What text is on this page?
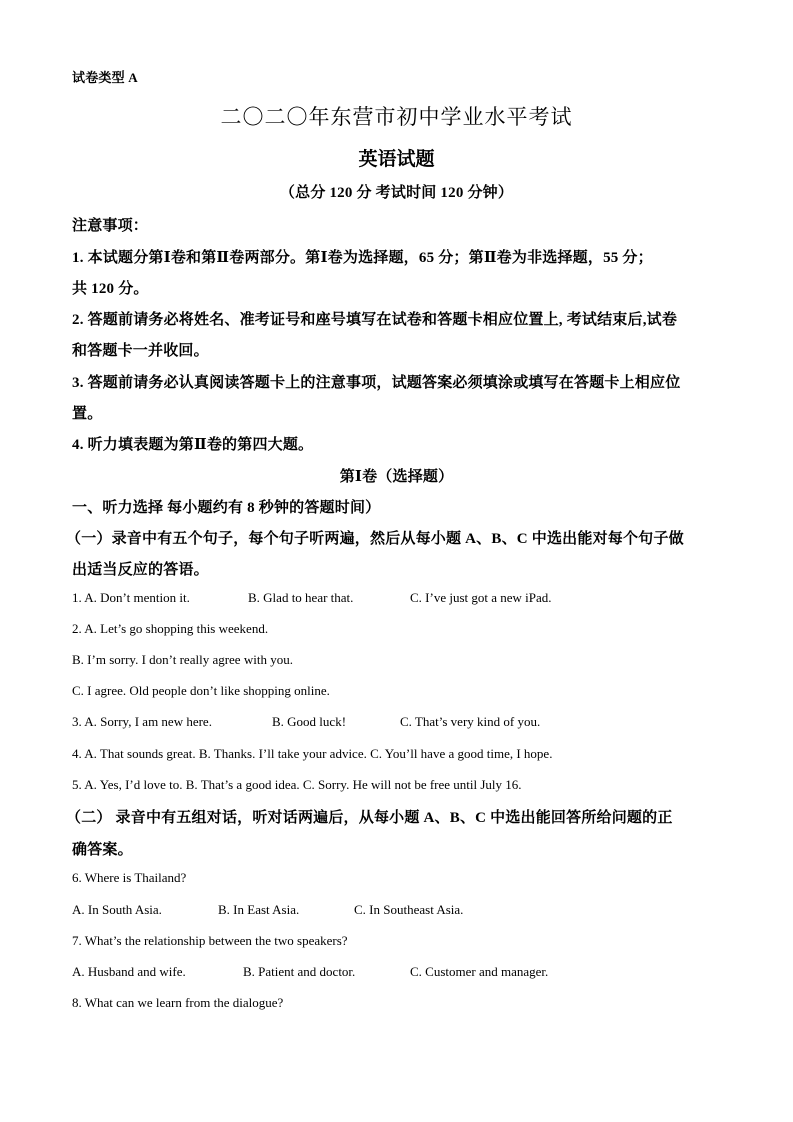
试卷类型 A
二〇二〇年东营市初中学业水平考试
英语试题
（总分 120 分 考试时间 120 分钟）
注意事项：
1. 本试题分第Ⅰ卷和第Ⅱ卷两部分。第Ⅰ卷为选择题，65 分；第Ⅱ卷为非选择题，55 分；
共 120 分。
2. 答题前请务必将姓名、准考证号和座号填写在试卷和答题卡相应位置上, 考试结束后,试卷
和答题卡一并收回。
3. 答题前请务必认真阅读答题卡上的注意事项，试题答案必须填涂或填写在答题卡上相应位
置。
4. 听力填表题为第Ⅱ卷的第四大题。
第Ⅰ卷（选择题）
一、听力选择 每小题约有 8 秒钟的答题时间）
（一）录音中有五个句子，每个句子听两遍，然后从每小题 A、B、C 中选出能对每个句子做
出适当反应的答语。
1. A. Don’t mention it.	B. Glad to hear that.	C. I’ve just got a new iPad.
2. A. Let’s go shopping this weekend.
B. I’m sorry. I don’t really agree with you.
C. I agree. Old people don’t like shopping online.
3. A. Sorry, I am new here.	B. Good luck!	C. That’s very kind of you.
4. A. That sounds great. B. Thanks. I’ll take your advice. C. You’ll have a good time, I hope.
5. A. Yes, I’d love to. B. That’s a good idea. C. Sorry. He will not be free until July 16.
（二） 录音中有五组对话，听对话两遍后，从每小题 A、B、C 中选出能回答所给问题的正
确答案。
6. Where is Thailand?
A. In South Asia.	B. In East Asia.	C. In Southeast Asia.
7. What’s the relationship between the two speakers?
A. Husband and wife.	B. Patient and doctor.	C. Customer and manager.
8. What can we learn from the dialogue?
